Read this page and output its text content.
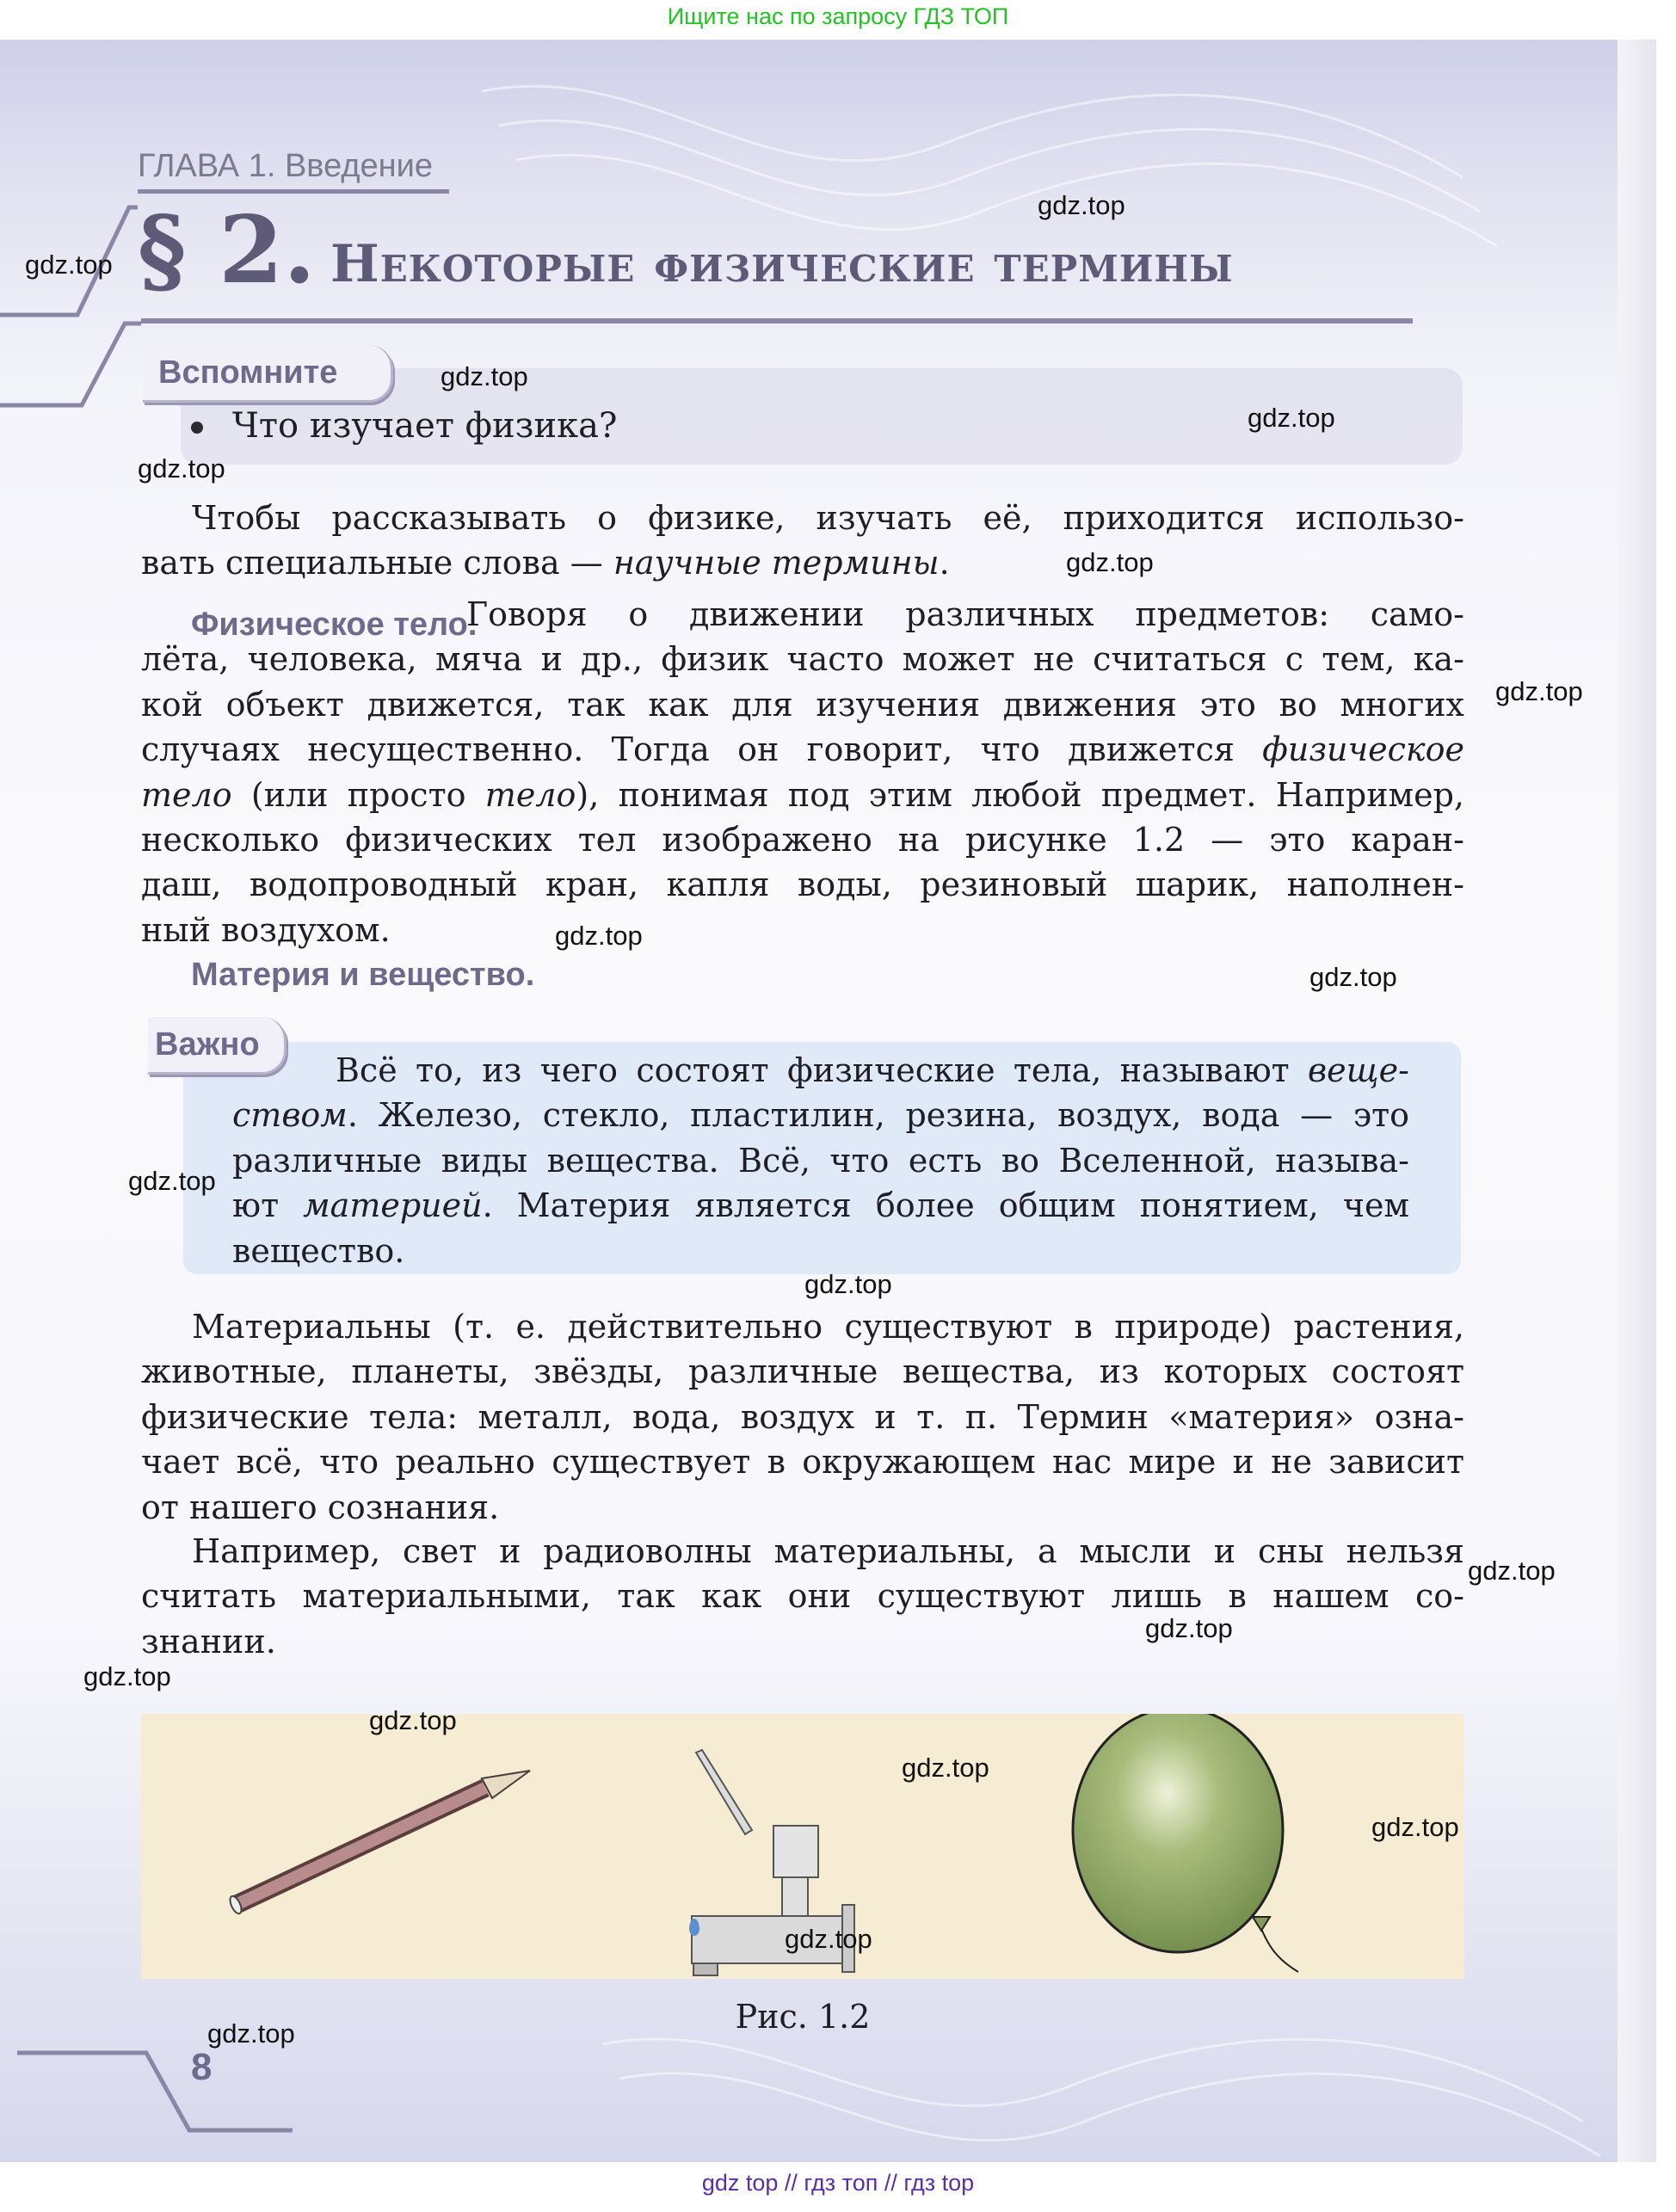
Ищите нас по запросу ГДЗ ТОП
ГЛАВА 1. Введение
§ 2. Некоторые физические термины
Вспомните
Что изучает физика?
Чтобы рассказывать о физике, изучать её, приходится использо-
вать специальные слова — научные термины.
Говоря о движении различных предметов: само-
лёта, человека, мяча и др., физик часто может не считаться с тем, ка-
кой объект движется, так как для изучения движения это во многих
случаях несущественно. Тогда он говорит, что движется физическое
тело (или просто тело), понимая под этим любой предмет. Например,
несколько физических тел изображено на рисунке 1.2 — это каран-
даш, водопроводный кран, капля воды, резиновый шарик, наполнен-
ный воздухом.
Физическое тело.
Материя и вещество.
Важно
Всё то, из чего состоят физические тела, называют веще-
ством. Железо, стекло, пластилин, резина, воздух, вода — это
различные виды вещества. Всё, что есть во Вселенной, называ-
ют материей. Материя является более общим понятием, чем
вещество.
Материальны (т. е. действительно существуют в природе) растения,
животные, планеты, звёзды, различные вещества, из которых состоят
физические тела: металл, вода, воздух и т. п. Термин «материя» озна-
чает всё, что реально существует в окружающем нас мире и не зависит
от нашего сознания.
Например, свет и радиоволны материальны, а мысли и сны нельзя
считать материальными, так как они существуют лишь в нашем со-
знании.
Рис. 1.2
8
gdz top // гдз топ // гдз top
gdz.top
gdz.top
gdz.top
gdz.top
gdz.top
gdz.top
gdz.top
gdz.top
gdz.top
gdz.top
gdz.top
gdz.top
gdz.top
gdz.top
gdz.top
gdz.top
gdz.top
gdz.top
gdz.top
